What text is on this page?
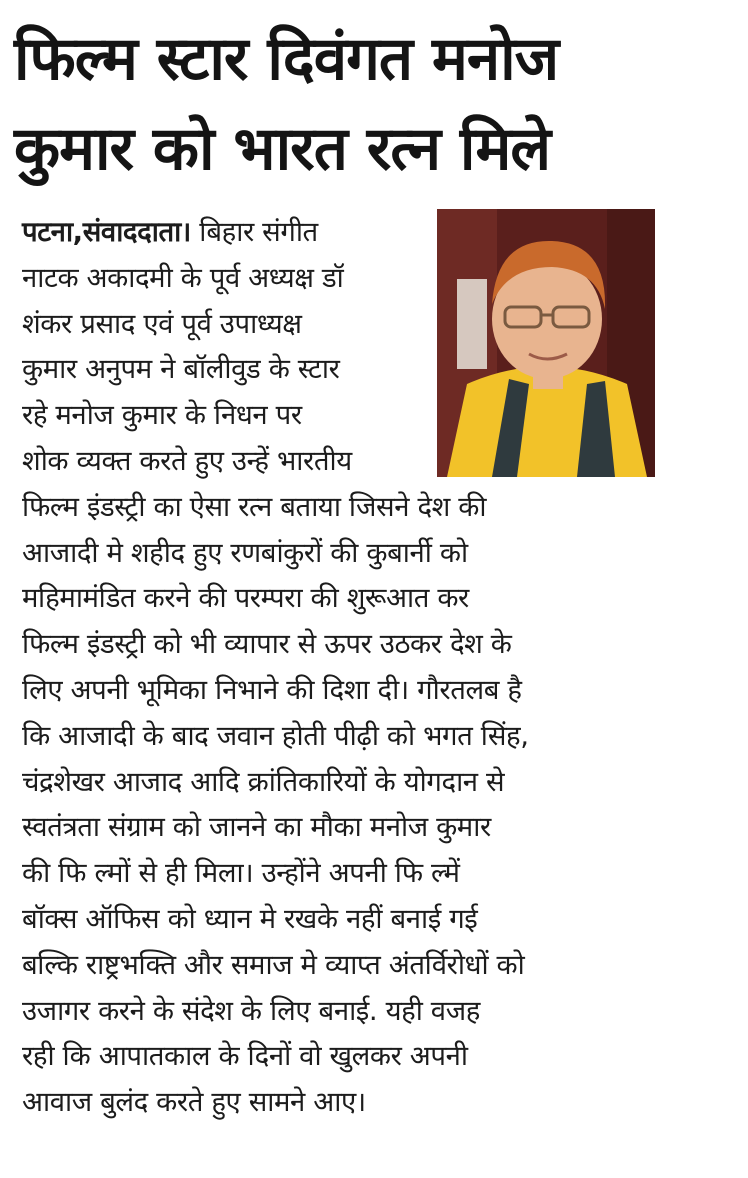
फिल्म स्टार दिवंगत मनोज
कुमार को भारत रत्न मिले
पटना,संवाददाता। बिहार संगीत
नाटक अकादमी के पूर्व अध्यक्ष डॉ
शंकर प्रसाद एवं पूर्व उपाध्यक्ष
कुमार अनुपम ने बॉलीवुड के स्टार
रहे मनोज कुमार के निधन पर
शोक व्यक्त करते हुए उन्हें भारतीय
फिल्म इंडस्ट्री का ऐसा रत्न बताया जिसने देश की
आजादी मे शहीद हुए रणबांकुरों की कुबार्नी को
महिमामंडित करने की परम्परा की शुरूआत कर
फिल्म इंडस्ट्री को भी व्यापार से ऊपर उठकर देश के
लिए अपनी भूमिका निभाने की दिशा दी। गौरतलब है
कि आजादी के बाद जवान होती पीढ़ी को भगत सिंह,
चंद्रशेखर आजाद आदि क्रांतिकारियों के योगदान से
स्वतंत्रता संग्राम को जानने का मौका मनोज कुमार
की फि ल्मों से ही मिला। उन्होंने अपनी फि ल्में
बॉक्स ऑफिस को ध्यान मे रखके नहीं बनाई गई
बल्कि राष्ट्रभक्ति और समाज मे व्याप्त अंतर्विरोधों को
उजागर करने के संदेश के लिए बनाई. यही वजह
रही कि आपातकाल के दिनों वो खुलकर अपनी
आवाज बुलंद करते हुए सामने आए।
